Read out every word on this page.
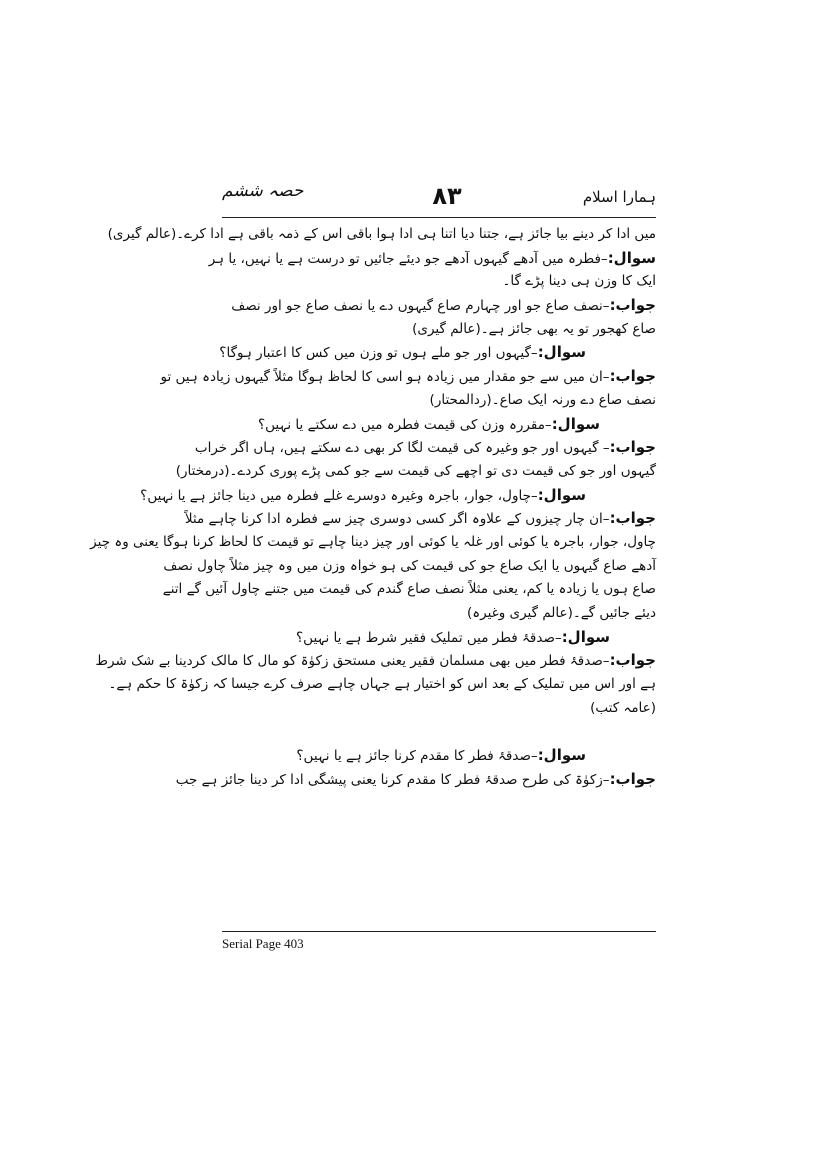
ہمارا اسلام
۸۳
حصہ ششم
میں ادا کر دینے بیا جائز ہے، جتنا دیا اتنا ہی ادا ہوا باقی اس کے ذمہ باقی ہے ادا کرے۔(عالم گیری)
سوال:–فطرہ میں آدھے گیہوں آدھے جو دیئے جائیں تو درست ہے یا نہیں، یا ہر
ایک کا وزن ہی دینا پڑے گا۔
جواب:–نصف صاع جو اور چہارم صاع گیہوں دے یا نصف صاع جو اور نصف
صاع کھجور تو یہ بھی جائز ہے۔(عالم گیری)
سوال:–گیہوں اور جو ملے ہوں تو وزن میں کس کا اعتبار ہوگا؟
جواب:–ان میں سے جو مقدار میں زیادہ ہو اسی کا لحاظ ہوگا مثلاً گیہوں زیادہ ہیں تو
نصف صاع دے ورنہ ایک صاع۔(ردالمحتار)
سوال:–مقررہ وزن کی قیمت فطرہ میں دے سکتے یا نہیں؟
جواب:– گیہوں اور جو وغیرہ کی قیمت لگا کر بھی دے سکتے ہیں، ہاں اگر خراب
گیہوں اور جو کی قیمت دی تو اچھے کی قیمت سے جو کمی پڑے پوری کردے۔(درمختار)
سوال:–چاول، جوار، باجرہ وغیرہ دوسرے غلے فطرہ میں دینا جائز ہے یا نہیں؟
جواب:–ان چار چیزوں کے علاوہ اگر کسی دوسری چیز سے فطرہ ادا کرنا چاہے مثلاً
چاول، جوار، باجرہ یا کوئی اور غلہ یا کوئی اور چیز دینا چاہے تو قیمت کا لحاظ کرنا ہوگا یعنی وہ چیز
آدھے صاع گیہوں یا ایک صاع جو کی قیمت کی ہو خواہ وزن میں وہ چیز مثلاً چاول نصف
صاع ہوں یا زیادہ یا کم، یعنی مثلاً نصف صاع گندم کی قیمت میں جتنے چاول آئیں گے اتنے
دیئے جائیں گے۔(عالم گیری وغیرہ)
سوال:–صدقۂ فطر میں تملیک فقیر شرط ہے یا نہیں؟
جواب:–صدقۂ فطر میں بھی مسلمان فقیر یعنی مستحق زکوٰۃ کو مال کا مالک کردینا بے شک شرط
ہے اور اس میں تملیک کے بعد اس کو اختیار ہے جہاں چاہے صرف کرے جیسا کہ زکوٰۃ کا حکم ہے۔
(عامہ کتب)
سوال:–صدقۂ فطر کا مقدم کرنا جائز ہے یا نہیں؟
جواب:–زکوٰۃ کی طرح صدقۂ فطر کا مقدم کرنا یعنی پیشگی ادا کر دینا جائز ہے جب
Serial Page 403
